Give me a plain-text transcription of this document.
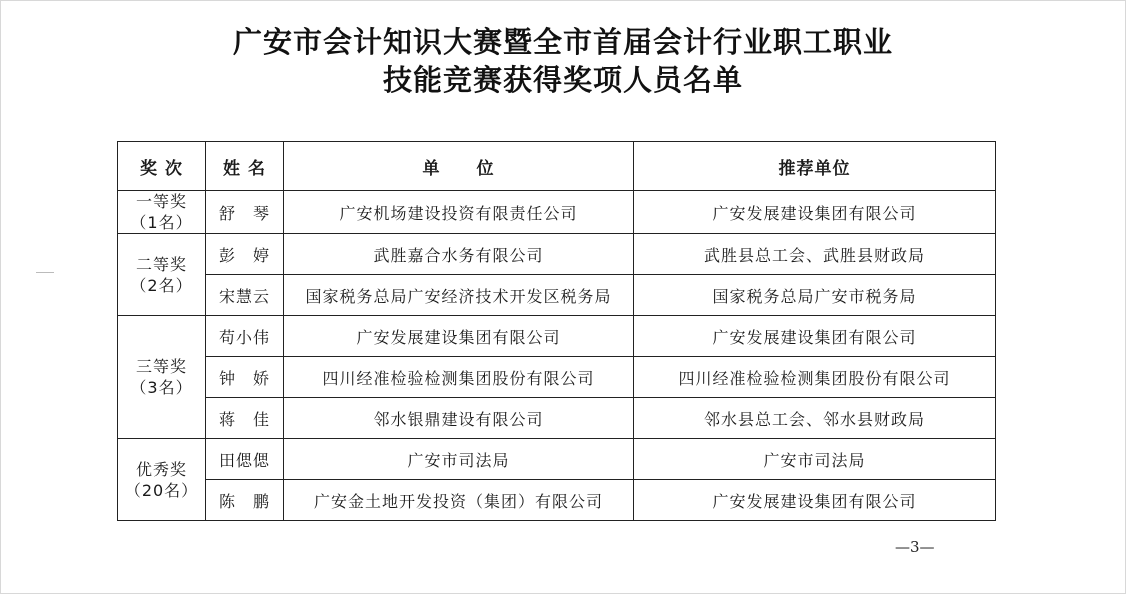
广安市会计知识大赛暨全市首届会计行业职工职业
技能竞赛获得奖项人员名单
奖 次	姓 名	单　　位	推荐单位

一等奖
（1名）	舒　琴	广安机场建设投资有限责任公司	广安发展建设集团有限公司

二等奖
（2名）	彭　婷	武胜嘉合水务有限公司	武胜县总工会、武胜县财政局
	宋慧云	国家税务总局广安经济技术开发区税务局	国家税务总局广安市税务局

三等奖
（3名）	苟小伟	广安发展建设集团有限公司	广安发展建设集团有限公司
	钟　娇	四川经准检验检测集团股份有限公司	四川经准检验检测集团股份有限公司
	蒋　佳	邻水银鼎建设有限公司	邻水县总工会、邻水县财政局

优秀奖
（20名）	田偲偲	广安市司法局	广安市司法局
	陈　鹏	广安金土地开发投资（集团）有限公司	广安发展建设集团有限公司
—3—
